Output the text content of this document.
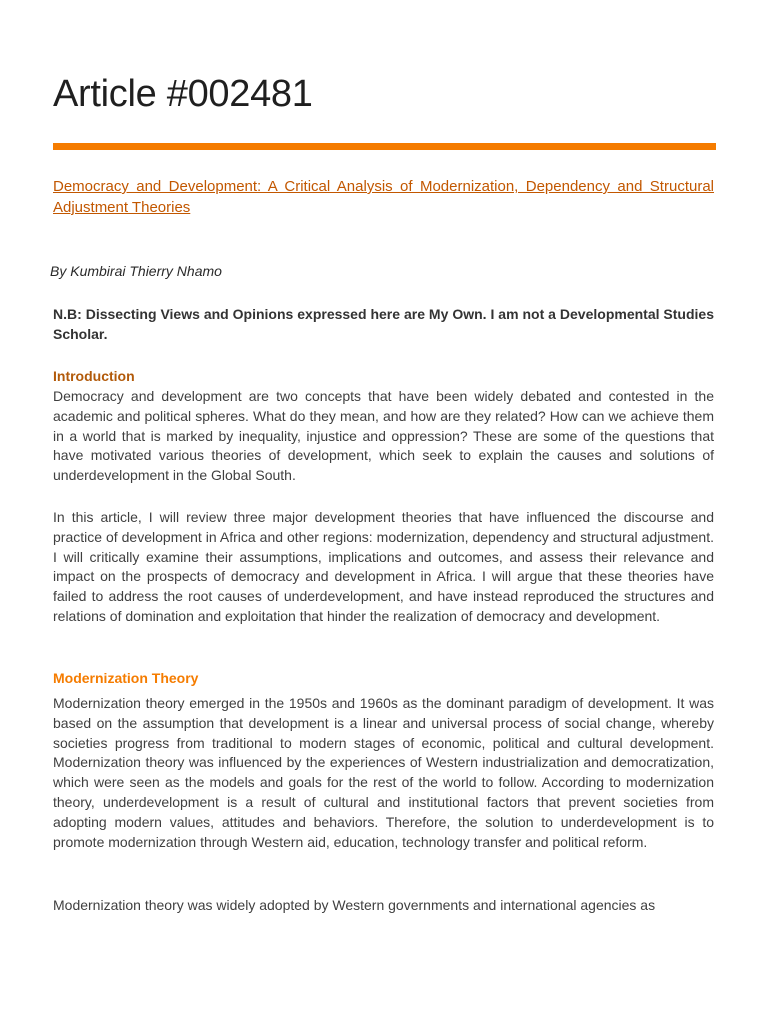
Article #002481

Democracy and Development: A Critical Analysis of Modernization, Dependency and Structural Adjustment Theories

By Kumbirai Thierry Nhamo

N.B: Dissecting Views and Opinions expressed here are My Own. I am not a Developmental Studies Scholar.

Introduction

Democracy and development are two concepts that have been widely debated and contested in the academic and political spheres. What do they mean, and how are they related? How can we achieve them in a world that is marked by inequality, injustice and oppression? These are some of the questions that have motivated various theories of development, which seek to explain the causes and solutions of underdevelopment in the Global South.

In this article, I will review three major development theories that have influenced the discourse and practice of development in Africa and other regions: modernization, dependency and structural adjustment. I will critically examine their assumptions, implications and outcomes, and assess their relevance and impact on the prospects of democracy and development in Africa. I will argue that these theories have failed to address the root causes of underdevelopment, and have instead reproduced the structures and relations of domination and exploitation that hinder the realization of democracy and development.

Modernization Theory

Modernization theory emerged in the 1950s and 1960s as the dominant paradigm of development. It was based on the assumption that development is a linear and universal process of social change, whereby societies progress from traditional to modern stages of economic, political and cultural development. Modernization theory was influenced by the experiences of Western industrialization and democratization, which were seen as the models and goals for the rest of the world to follow. According to modernization theory, underdevelopment is a result of cultural and institutional factors that prevent societies from adopting modern values, attitudes and behaviors. Therefore, the solution to underdevelopment is to promote modernization through Western aid, education, technology transfer and political reform.

Modernization theory was widely adopted by Western governments and international agencies as
